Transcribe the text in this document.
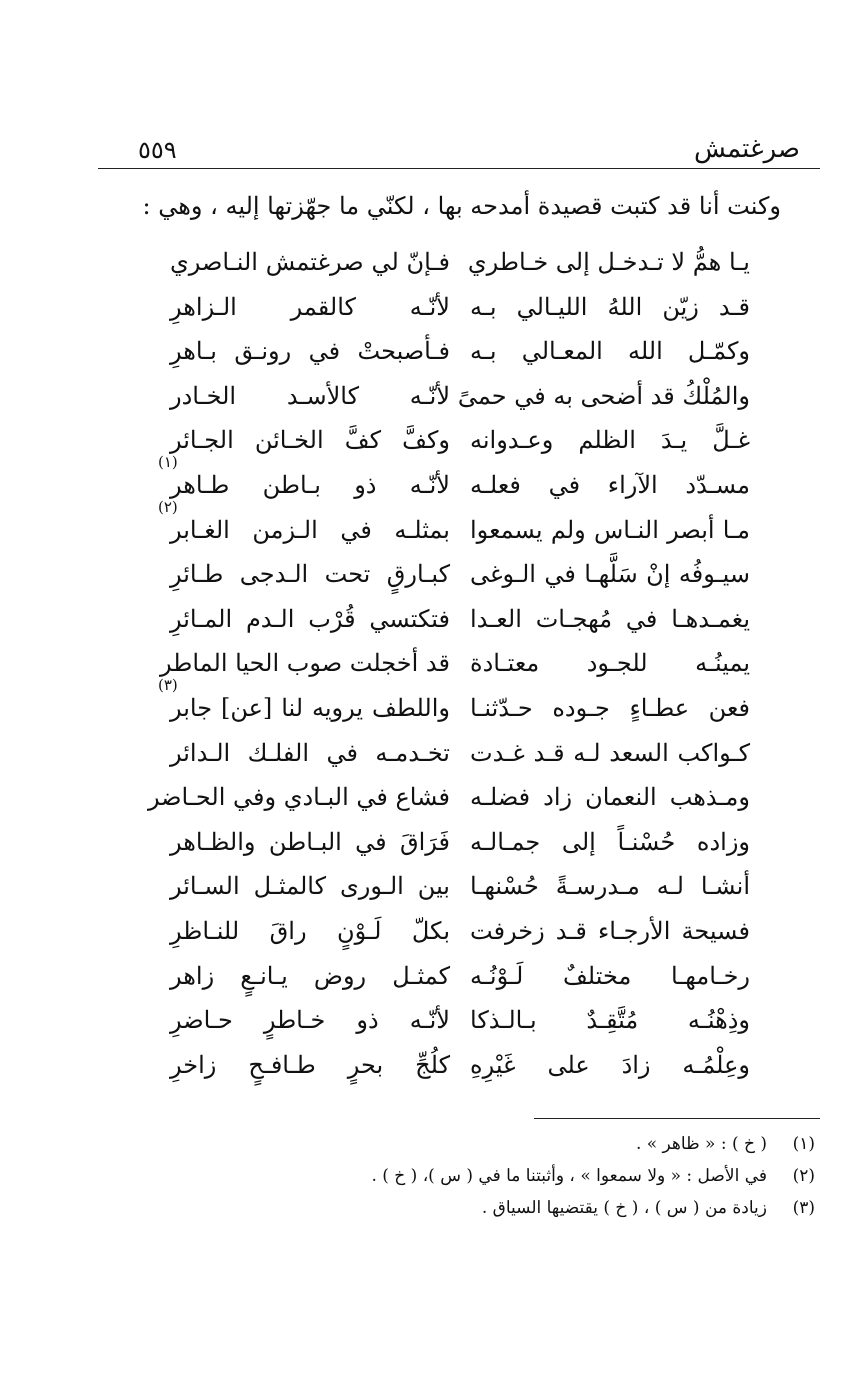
صرغتمش
٥٥٩
وكنت أنا قد كتبت قصيدة أمدحه بها ، لكنّي ما جهّزتها إليه ، وهي :
يـا همُّ لا تـدخـل إلى خـاطري
فـإنّ لي صرغتمش النـاصري
قـد زيّن اللهُ الليـالي بـه
لأنّـه كالقمر الـزاهرِ
وكمّـل الله المعـالي بـه
فـأصبحتْ في رونـق بـاهرِ
والمُلْكُ قد أضحى به في حمىً
لأنّـه كالأسـد الخـادر
غـلَّ يـدَ الظلم وعـدوانه
وكفَّ كفَّ الخـائن الجـائر
مسـدّد الآراء في فعلـه
لأنّـه ذو بـاطن طـاهر
(١)
مـا أبصر النـاس ولم يسمعوا
بمثلـه في الـزمن الغـابر
(٢)
سيـوفُه إنْ سَلَّهـا في الـوغى
كبـارقٍ تحت الـدجى طـائرِ
يغمـدهـا في مُهجـات العـدا
فتكتسي قُرْب الـدم المـائرِ
يمينُـه للجـود معتـادة
قد أخجلت صوب الحيا الماطر
فعن عطـاءٍ جـوده حـدّثنـا
واللطف يرويه لنا [عن] جابر
(٣)
كـواكب السعد لـه قـد غـدت
تخـدمـه في الفلـك الـدائر
ومـذهب النعمان زاد فضلـه
فشاع في البـادي وفي الحـاضر
وزاده حُسْنـاً إلى جمـالـه
فَرَاقَ في البـاطن والظـاهر
أنشـا لـه مـدرسـةً حُسْنهـا
بين الـورى كالمثـل السـائر
فسيحة الأرجـاء قـد زخرفت
بكلّ لَـوْنٍ راقَ للنـاظرِ
رخـامهـا مختلفٌ لَـوْنُـه
كمثـل روض يـانـعٍ زاهر
وذِهْنُـه مُتَّقِـدٌ بـالـذكا
لأنّـه ذو خـاطرٍ حـاضرِ
وعِلْمُـه زادَ على غَيْرِهِ
كلُجِّ بحرٍ طـافـحٍ زاخرِ
(١)
( خ ) : « ظاهر » .
(٢)
في الأصل : « ولا سمعوا » ، وأثبتنا ما في ( س )، ( خ ) .
(٣)
زيادة من ( س ) ، ( خ ) يقتضيها السياق .
